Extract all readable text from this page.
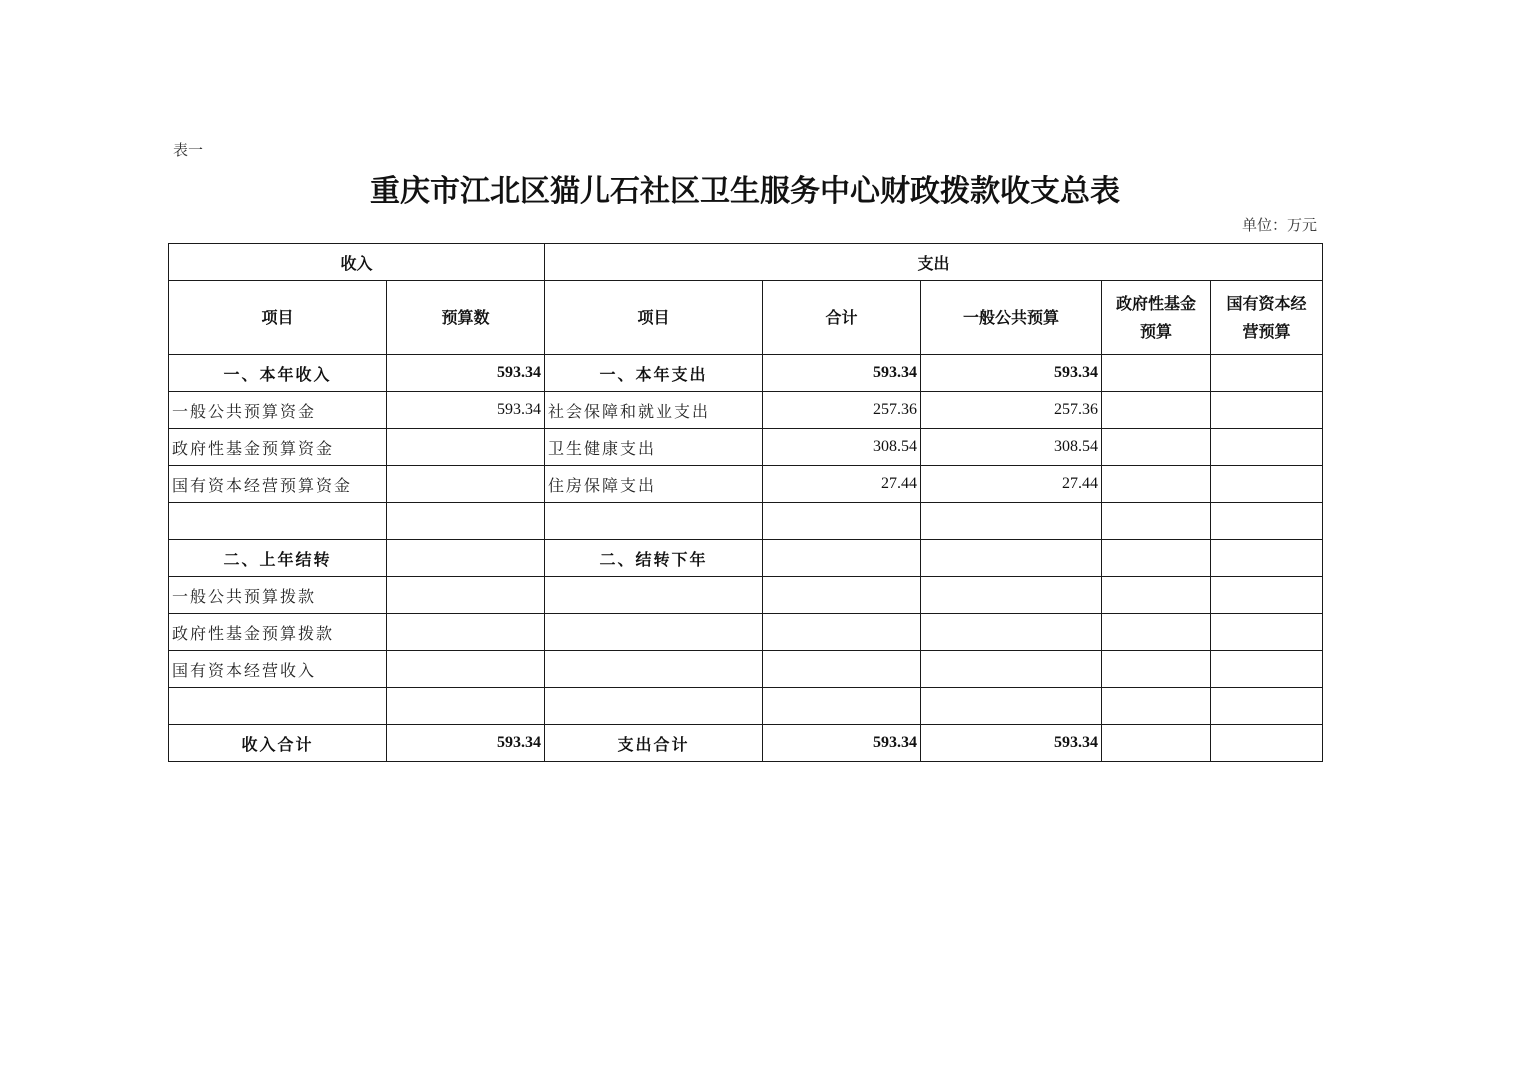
表一
重庆市江北区猫儿石社区卫生服务中心财政拨款收支总表
单位：万元
收入		支出				
项目	预算数	项目	合计	一般公共预算	政府性基金预算	国有资本经营预算
一、本年收入	593.34	一、本年支出	593.34	593.34		
一般公共预算资金	593.34	社会保障和就业支出	257.36	257.36		
政府性基金预算资金		卫生健康支出	308.54	308.54		
国有资本经营预算资金		住房保障支出	27.44	27.44		

二、上年结转		二、结转下年				
一般公共预算拨款						
政府性基金预算拨款						
国有资本经营收入						

收入合计	593.34	支出合计	593.34	593.34		
